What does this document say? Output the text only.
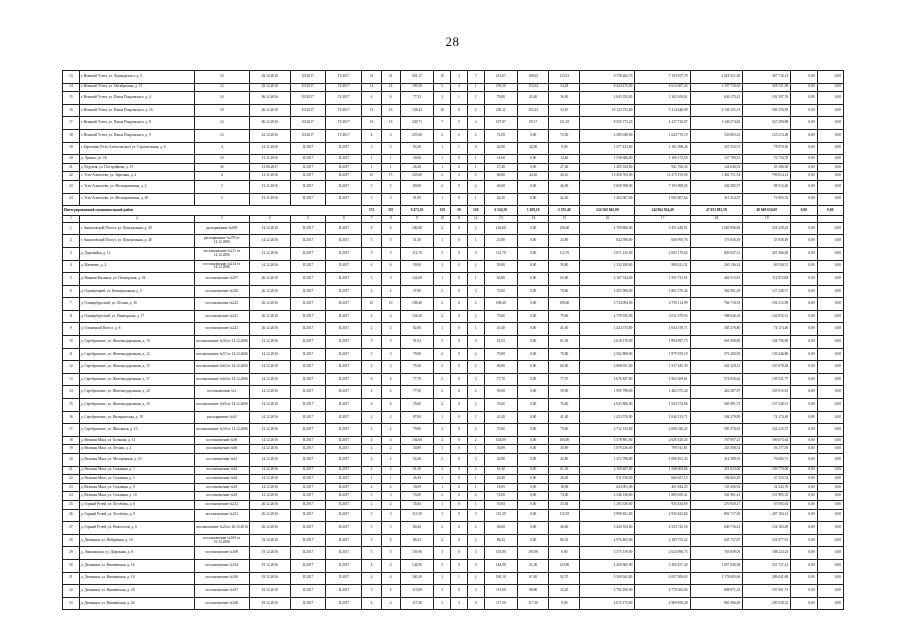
28
13	г. Великий Устюг, ул. Луначарского, д. 5	10	29.12.2016	III.2017	IV.2017	31	21	561,17	10	3	7	231,67	169,63	113,53	9 758 262,70	7 193 057,79	2 018 321,20	367 716,13	0,00	0,00
14	г. Великий Устюг, ул. Октябрьская, д. 51	12	29.12.2016	III.2017	IV.2017	14	14	199,50	5	4	1	199,50	153,62	54,28	8 224 470,00	4 612 667,43	1 197 716,62	328 721,98	0,00	0,00
15	г. Великий Устюг, ул. Павла Покровского, д. 4	14	06.12.2016	III.2017	IV.2017	6	6	77,33	2	1	1	78,80	43,40	36,00	2 043 354,00	1 302 100,61	636 175,41	102 197,76	0,00	0,00
16	г. Великий Устюг, ул. Павла Покровского, д. 16	18	26.12.2016	III.2017	IV.2017	13	16	158,43	10	6	2	250,11	253,23	53,67	10 123 753,00	7 414 448,90	2 136 151,13	509 176,95	0,00	0,00
17	г. Великий Устюг, ул. Павла Покровского, д. 8	12	06.12.2016	III.2017	IV.2017	16	16	239,71	7	5	4	197,87	59,17	131,35	8 535 773,20	4 127 725,07	1 346 574,82	527 299,98	0,00	0,00
18	г. Великий Устюг, ул. Павла Покровского, д. 9	14	22.12.2016	III.2017	IV.2017	4	4	255,00	2	2	2	72,00	0,00	72,00	2 585 048,00	1 644 770,19	533 065,23	125 213,48	0,00	0,00
19	г. Березовая (Усть-Алексеевское) ул. Строительная, д. 6	4	13.11.2016	II.2017	II.2017	3	3	93,30	1	1	0	42,90	42,90	0,00	1 577 433,00	1 161 098,26	327 333,73	78 970,30	0,00	0,00
20	д. Лукино, ул. 16	16	13.11.2016	II.2017	II.2017	1	1	18,60	1	0	1	14,60	0,00	14,60	1 536 686,00	1 106 172,59	127 790,31	76 734,70	0,00	0,00
21	д. Радумля, ул. Постройкова, д. 15	30	13.06.2017	II.2017	II.2017	1	1	26,20	1	0	1	27,40	0,00	27,40	1 265 934,00	941 760,43	124 640,52	63 186,30	0,00	0,00
22	с. Усть-Алексеево, ул. Заречная, д. 2	4	13.11.2016	II.2017	II.2017	10	15	235,60	2	4	5	60,00	44,20	26,10	13 458 763,00	11 275 193,00	1 402 751,54	796 814,12	0,00	0,00
23	с. Усть-Алексеево, ул. Мелиоративная, д. 2	3	13.11.2016	II.2017	II.2017	5	5	90,60	2	0	2	46,00	0,00	46,00	5 650 398,00	7 193 908,03	342 585,57	98 513,40	0,00	0,00
24	с. Усть-Алексеево, ул. Мелиоративная, д. 20	3	13.11.2016	II.2017	II.2017	3	3	91,95	1	0	1	42,20	0,00	42,20	1 464 507,00	1 082 607,64	315 414,57	71 065,35	0,00	0,00
Интегрированный муниципальный район						371	355	9 473,30	159	50	120	6 524,50	1 209,10	5 335,40	224 560 045,00	144 964 924,40	47 053 881,58	48 669 654,00	0,00	0,00
1	2	3	4	5	6	7	8	9	10	11	12	13	14	15	16	17	18	19		
1	г. Анциловский Погост, ул. Центральная, д. 38	распоряжение №695	14.12.2016	II.2017	II.2017	8	6	180,60	2	0	2	126,60	0,00	126,60	4 709 866,00	3 451 449,91	1 003 996,84	254 259,25	0,00	0,00
2	г. Анциловский Погост, ул. Центральная, д. 40	распоряжение №279 от 14.12.2006	14.12.2016	II.2017	II.2017	5	5	51,30	1	0	1	23,80	0,00	23,80	822 590,00	600 995,76	175 656,39	45 938,49	0,00	0,00
3	д. Дорожайка, д. 12	постановление №211 от 14.12.2006	14.12.2016	II.2017	II.2017	5	5	112,70	3	0	3	112,70	0,00	112,70	3 671 125,00	2 692 170,63	829 047,31	201 366,06	0,00	0,00
4	д. Матвеево, д. 2	постановление №214 от 14.12.2006	14.12.2016	II.2017	II.2017	6	6	59,90	2	0	2	59,80	0,00	59,80	1 332 108,00	908 421,31	265 136,12	69 536,51	0,00	0,00
5	д. Нижняя Ваганьга, ул. Пионерская, д. 34	постановление №297	26.12.2016	II.2017	II.2017	3	3	124,68	1	0	1	63,80	0,00	63,80	2 167 534,00	1 591 731,01	464 915,81	112 972,08	0,00	0,00
6	д. Олинерецкий, ул. Коммунальная, д. 5	постановление №320	26.12.2016	II.2017	II.2017	2	2	37,80	2	0	2	70,60	0,00	70,60	2 455 900,00	1 801 576,44	562 901,29	127 248,57	0,00	0,00
7	д. Олинербургский, ул. Лесная, д. 16	постановление №222	26.12.2016	II.2017	II.2017	10	10	108,40	2	0	2	108,40	0,00	108,40	3 734 094,00	2 739 112,99	766 718,33	194 215,99	0,00	0,00
8	д. Олинербургский, ул. Пионерская, д. 17	постановление №221	26.12.2016	II.2017	II.2017	4	4	154,30	2	0	2	79,60	0,00	79,60	2 759 035,00	2 011 579,93	588 646,16	142 815,31	0,00	0,00
9	д. Олинецкий Погост, д. 8	постановление №223	26.12.2016	II.2017	II.2017	2	2	82,00	1	0	1	41,40	0,00	41,40	1 424 574,00	1 044 519,71	305 276,80	74 174,40	0,00	0,00
10	д. Серебровские, ул. Железнодорожная, д. 10	постановление №56 от 14.12.2006	14.12.2016	II.2017	II.2017	5	5	91,03	3	0	3	61,03	0,00	61,03	2 618 170,00	1 894 997,75	661 908,80	148 796,90	0,00	0,00
11	д. Серебровские, ул. Железнодорожная, д. 12	постановление №57 от 14.12.2006	14.12.2016	II.2017	II.2017	3	3	79,80	2	0	2	79,80	0,00	79,80	2 502 888,00	1 879 559,19	573 200,95	139 246,86	0,00	0,00
12	д. Серебровские, ул. Железнодорожная, д. 15	постановление №63 от 14.12.2006	14.12.2016	II.2017	II.2017	2	2	79,20	2	0	2	60,00	0,00	60,00	2 068 031,00	1 537 445,39	441 120,12	107 678,28	0,00	0,00
13	д. Серебровские, ул. Железнодорожная, д. 17	постановление №64 от 14.12.2006	14.12.2016	II.2017	II.2017	6	6	77,70	2	0	2	77,70	0,00	77,70	2 676 837,00	1 963 309,61	574 056,62	139 531,77	0,00	0,00
14	д. Серебровские, ул. Железнодорожная, д. 20	постановление №1	14.12.2016	II.2017	II.2017	2	2	77,50	2	0	2	59,00	0,00	59,00	1 995 798,00	1 462 575,44	426 287,87	103 915,81	0,00	0,00
15	д. Серебровские, ул. Железнодорожная, д. 33	постановление №65 от 14.12.2006	14.12.2016	II.2017	II.2017	6	6	76,60	2	0	2	76,60	0,00	76,60	2 635 806,00	1 933 574,66	565 991,73	137 240,51	0,00	0,00
16	д. Серебровские, ул. Интернатская, д. 19	распоряжение №63	14.12.2016	II.2017	II.2017	2	2	87,00	1	0	1	41,40	0,00	41,40	1 423 570,00	1 046 135,71	304 279,99	74 174,40	0,00	0,00
17	д. Серебровские, ул. Школьная, д. 15	постановление №58 от 14.12.2006	14.12.2016	II.2017	II.2017	2	2	79,80	2	0	2	79,60	0,00	79,60	2 732 154,00	2 006 320,22	585 270,61	142 215,37	0,00	0,00
18	д. Великая Мяса, ул. Большая, д. 12	постановление №59	14.12.2016	II.2017	II.2017	4	4	104,00	2	0	2	104,00	0,00	104,00	3 578 891,00	2 626 520,45	767 097,21	186 073,64	0,00	0,00
19	д. Великая Мяса, ул. Лесная, д. 2	постановление №60	14.12.2016	II.2017	II.2017	2	2	30,89	1	0	1	30,89	0,00	30,89	1 078 236,00	799 541,81	233 508,34	56 177,05	0,00	0,00
20	д. Великая Мяса, ул. Молодёжная, д. 10	постановление №61	14.12.2016	II.2017	II.2017	2	2	54,20	2	0	2	42,80	0,00	42,80	1 472 788,00	1 080 491,24	314 589,35	76 682,71	0,00	0,00
21	д. Великая Мяса, ул. Сплавная, д. 1	постановление №62	14.12.2016	II.2017	II.2017	2	2	61,30	2	0	2	61,30	0,00	61,30	2 109 407,00	1 548 004,86	451 623,06	109 779,08	0,00	0,00
22	д. Великая Мяса, ул. Сплавная, д. 5	постановление №62	14.12.2016	II.2017	II.2017	1	1	26,49	1	0	1	26,49	0,00	26,49	911 556,00	666 657,15	194 665,29	47 233,54	0,00	0,00
23	д. Великая Мяса, ул. Сплавная, д. 8	постановление №63	14.12.2016	II.2017	II.2017	2	2	18,09	1	0	1	18,09	0,00	18,09	624 901,00	461 844,25	133 456,92	32 343,78	0,00	0,00
24	д. Великая Мяса, ул. Сплавная, д. 10	постановление №63	12.12.2016	II.2017	II.2017	3	3	74,00	2	0	2	74,00	0,00	74,00	2 546 140,00	1 869 659,41	541 961,41	131 985,35	0,00	0,00
25	д. Горный Ручей, ул. Лесобазы, д. 6	постановление №212	26.12.2016	II.2017	II.2017	2	2	35,84	1	0	1	35,84	0,00	35,84	1 293 330,00	935 434,69	270 920,17	67 005,04	0,00	0,00
26	д. Горный Ручей, ул. Лесобазы, д. 8	постановление №211	26.12.2016	II.2017	II.2017	3	3	115,39	3	0	3	115,39	0,00	115,39	3 999 651,00	2 935 623,04	856 717,30	207 194,13	0,00	0,00
27	д. Горный Ручей, ул. Новоселов, д. 6	постановление №24 от 26.12.2016	26.12.2016	II.2017	II.2017	5	5	80,40	2	0	2	46,60	0,00	46,60	3 445 554,00	2 533 743,56	649 716,41	154 183,49	0,00	0,00
28	д. Демьянки, ул. Фабричная, д. 16	постановление №169 от 19.12.2006	19.12.2016	II.2017	II.2017	5	5	86,33	2	0	2	86,33	0,00	86,33	2 976 465,00	2 185 753,22	635 737,87	154 977,91	0,00	0,00
29	д. Лапшинская, ул. Дорожная, д. 8	постановление №169	19.12.2016	II.2017	II.2017	5	5	103,90	3	0	3	103,90	103,90	0,00	3 575 159,00	2 623 096,73	763 839,03	188 223,24	0,00	0,00
30	д. Демьянки, ул. Вишнёвская, д. 16	постановление №164	19.12.2016	II.2017	II.2017	4	4	144,90	3	0	3	144,90	21,00	123,90	4 459 665,00	3 260 257,20	1 057 040,38	251 727,41	0,00	0,00
31	д. Демьянки, ул. Вишнёвская, д. 18	постановление №166	19.12.2016	II.2017	II.2017	4	4	160,10	3	1	2	190,10	67,40	92,70	5 509 041,00	4 007 306,63	1 178 695,06	286 041,68	0,00	0,00
32	д. Демьянки, ул. Вишнёвская, д. 20	постановление №167	19.12.2016	II.2017	II.2017	5	5	113,00	3	0	3	113,00	88,80	25,20	3 782 100,00	2 778 565,04	808 971,25	197 001,73	0,00	0,00
33	д. Демьянки, ул. Вишнёвская, д. 24	постановление №168	19.12.2016	II.2017	II.2017	4	4	117,30	3	3	0	117,30	117,30	0,00	4 015 175,00	2 969 858,28	863 396,20	209 539,52	0,00	0,00
